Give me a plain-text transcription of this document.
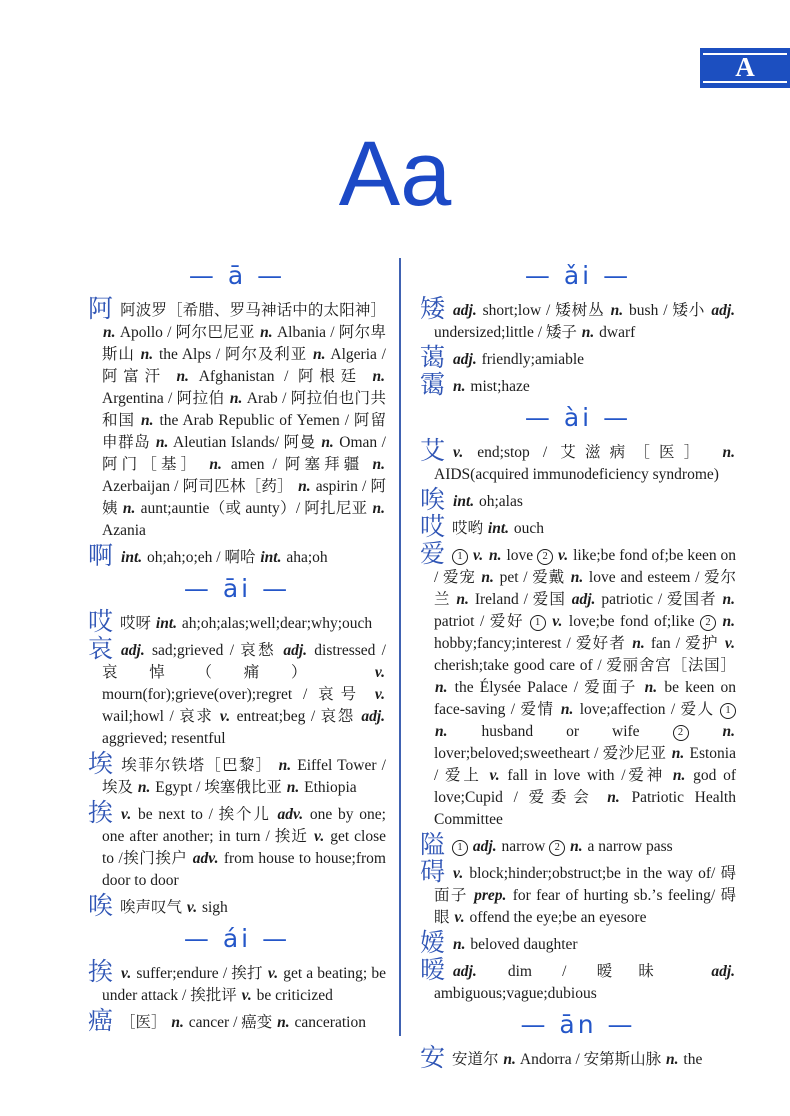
A
Aa
— ā —
阿阿波罗［希腊、罗马神话中的太阳神］ n. Apollo / 阿尔巴尼亚 n. Albania / 阿尔卑斯山 n. the Alps / 阿尔及利亚 n. Algeria / 阿富汗 n. Afghanistan / 阿根廷 n. Argentina / 阿拉伯 n. Arab / 阿拉伯也门共和国 n. the Arab Republic of Yemen / 阿留申群岛 n. Aleutian Islands/ 阿曼 n. Oman / 阿门［基］ n. amen / 阿塞拜疆 n. Azerbaijan / 阿司匹林［药］ n. aspirin / 阿姨 n. aunt;auntie（或 aunty）/ 阿扎尼亚 n. Azania
啊int. oh;ah;o;eh / 啊哈 int. aha;oh
— āi —
哎哎呀 int. ah;oh;alas;well;dear;why;ouch
哀adj. sad;grieved / 哀愁 adj. distressed / 哀悼（痛） v. mourn(for);grieve(over);regret / 哀号 v. wail;howl / 哀求 v. entreat;beg / 哀怨 adj. aggrieved; resentful
埃埃菲尔铁塔［巴黎］ n. Eiffel Tower / 埃及 n. Egypt / 埃塞俄比亚 n. Ethiopia
挨v. be next to / 挨个儿 adv. one by one; one after another; in turn / 挨近 v. get close to /挨门挨户 adv. from house to house;from door to door
唉唉声叹气 v. sigh
— ái —
挨v. suffer;endure / 挨打 v. get a beating; be under attack / 挨批评 v. be criticized
癌 ［医］ n. cancer / 癌变 n. canceration
— ǎi —
矮adj. short;low / 矮树丛 n. bush / 矮小 adj. undersized;little / 矮子 n. dwarf
蔼adj. friendly;amiable
霭n. mist;haze
— ài —
艾v. end;stop / 艾滋病［医］ n. AIDS(acquired immunodeficiency syndrome)
唉int. oh;alas
哎哎哟 int. ouch
爱 1 v. n. love 2 v. like;be fond of;be keen on / 爱宠 n. pet / 爱戴 n. love and esteem / 爱尔兰 n. Ireland / 爱国 adj. patriotic / 爱国者 n. patriot / 爱好 1 v. love;be fond of;like 2 n. hobby;fancy;interest / 爱好者 n. fan / 爱护 v. cherish;take good care of / 爱丽舍宫［法国］ n. the Élysée Palace / 爱面子 n. be keen on face-saving / 爱情 n. love;affection / 爱人 1 n. husband or wife 2	n. lover;beloved;sweetheart / 爱沙尼亚 n. Estonia / 爱上 v. fall in love with /爱神 n. god of love;Cupid / 爱委会 n. Patriotic Health Committee
隘 1 adj. narrow 2 n. a narrow pass
碍v. block;hinder;obstruct;be in the way of/ 碍面子 prep. for fear of hurting sb.ʼs feeling/ 碍眼 v. offend the eye;be an eyesore
嫒n. beloved daughter
暧adj. dim / 暧昧 adj. ambiguous;vague;dubious
— ān —
安安道尔 n. Andorra / 安第斯山脉 n. the
